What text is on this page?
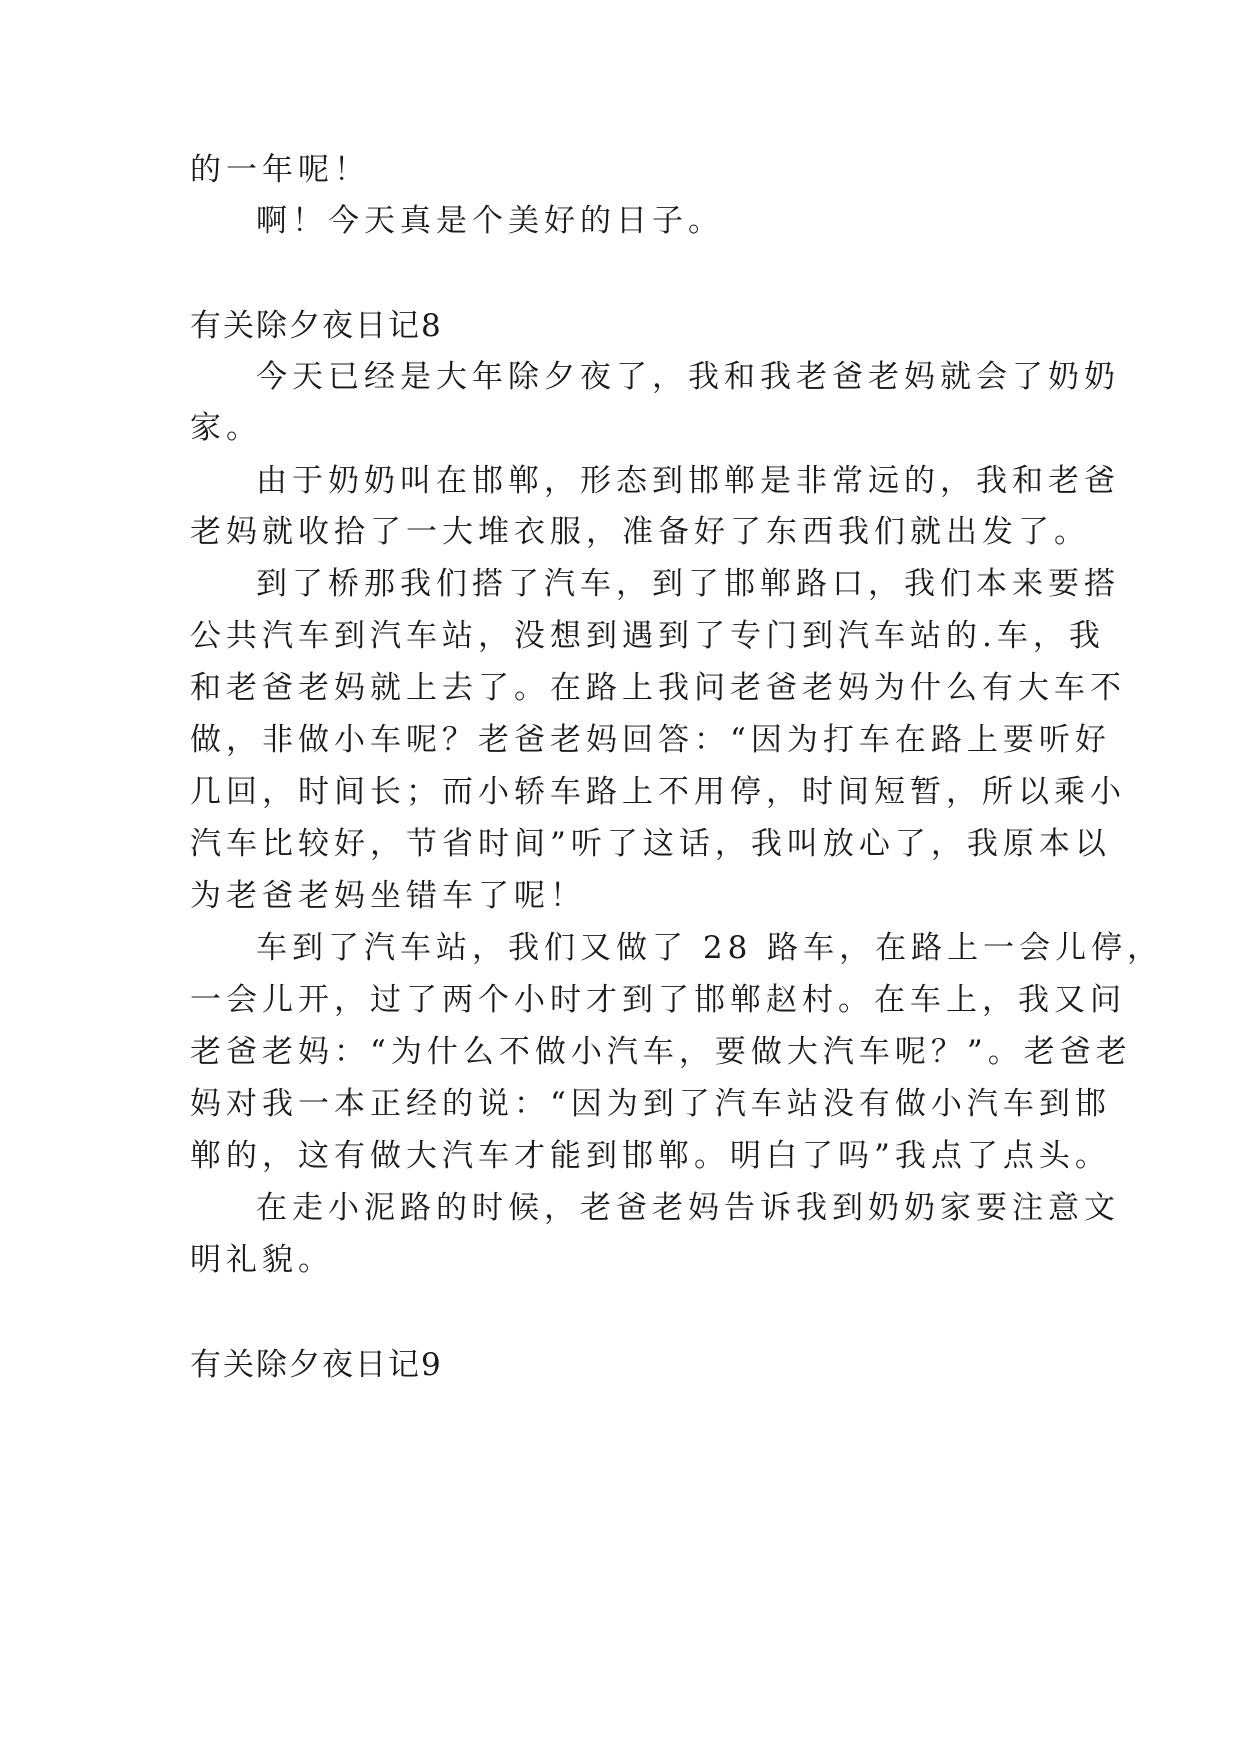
的一年呢！

啊！今天真是个美好的日子。

有关除夕夜日记8

今天已经是大年除夕夜了，我和我老爸老妈就会了奶奶

家。

由于奶奶叫在邯郸，形态到邯郸是非常远的，我和老爸

老妈就收拾了一大堆衣服，准备好了东西我们就出发了。

到了桥那我们搭了汽车，到了邯郸路口，我们本来要搭

公共汽车到汽车站，没想到遇到了专门到汽车站的.车，我

和老爸老妈就上去了。在路上我问老爸老妈为什么有大车不

做，非做小车呢？老爸老妈回答：“因为打车在路上要听好

几回，时间长；而小轿车路上不用停，时间短暂，所以乘小

汽车比较好，节省时间”听了这话，我叫放心了，我原本以

为老爸老妈坐错车了呢！

车到了汽车站，我们又做了 28 路车，在路上一会儿停，

一会儿开，过了两个小时才到了邯郸赵村。在车上，我又问

老爸老妈：“为什么不做小汽车，要做大汽车呢？”。老爸老

妈对我一本正经的说：“因为到了汽车站没有做小汽车到邯

郸的，这有做大汽车才能到邯郸。明白了吗”我点了点头。

在走小泥路的时候，老爸老妈告诉我到奶奶家要注意文

明礼貌。

有关除夕夜日记9
